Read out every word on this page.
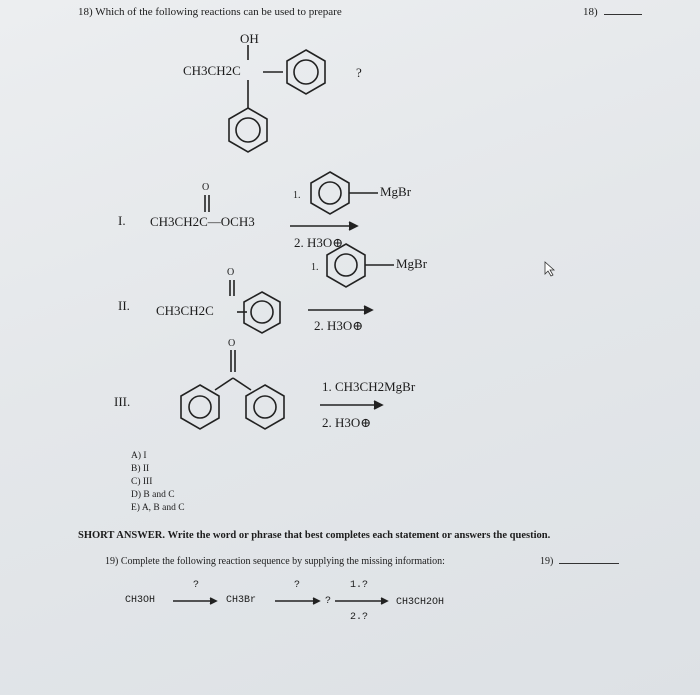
18) Which of the following reactions can be used to prepare	18)
OH
CH3CH2C	?
I.
O
CH3CH2C—OCH3
1.	MgBr
2. H3O⊕
II.
O
CH3CH2C
1.	MgBr
2. H3O⊕
III.
O
1. CH3CH2MgBr
2. H3O⊕
A) I
B) II
C) III
D) B and C
E) A, B and C
SHORT ANSWER. Write the word or phrase that best completes each statement or answers the question.
19) Complete the following reaction sequence by supplying the missing information:	19)
CH3OH
?
CH3Br
?
?
1.?
2.?
CH3CH2OH
